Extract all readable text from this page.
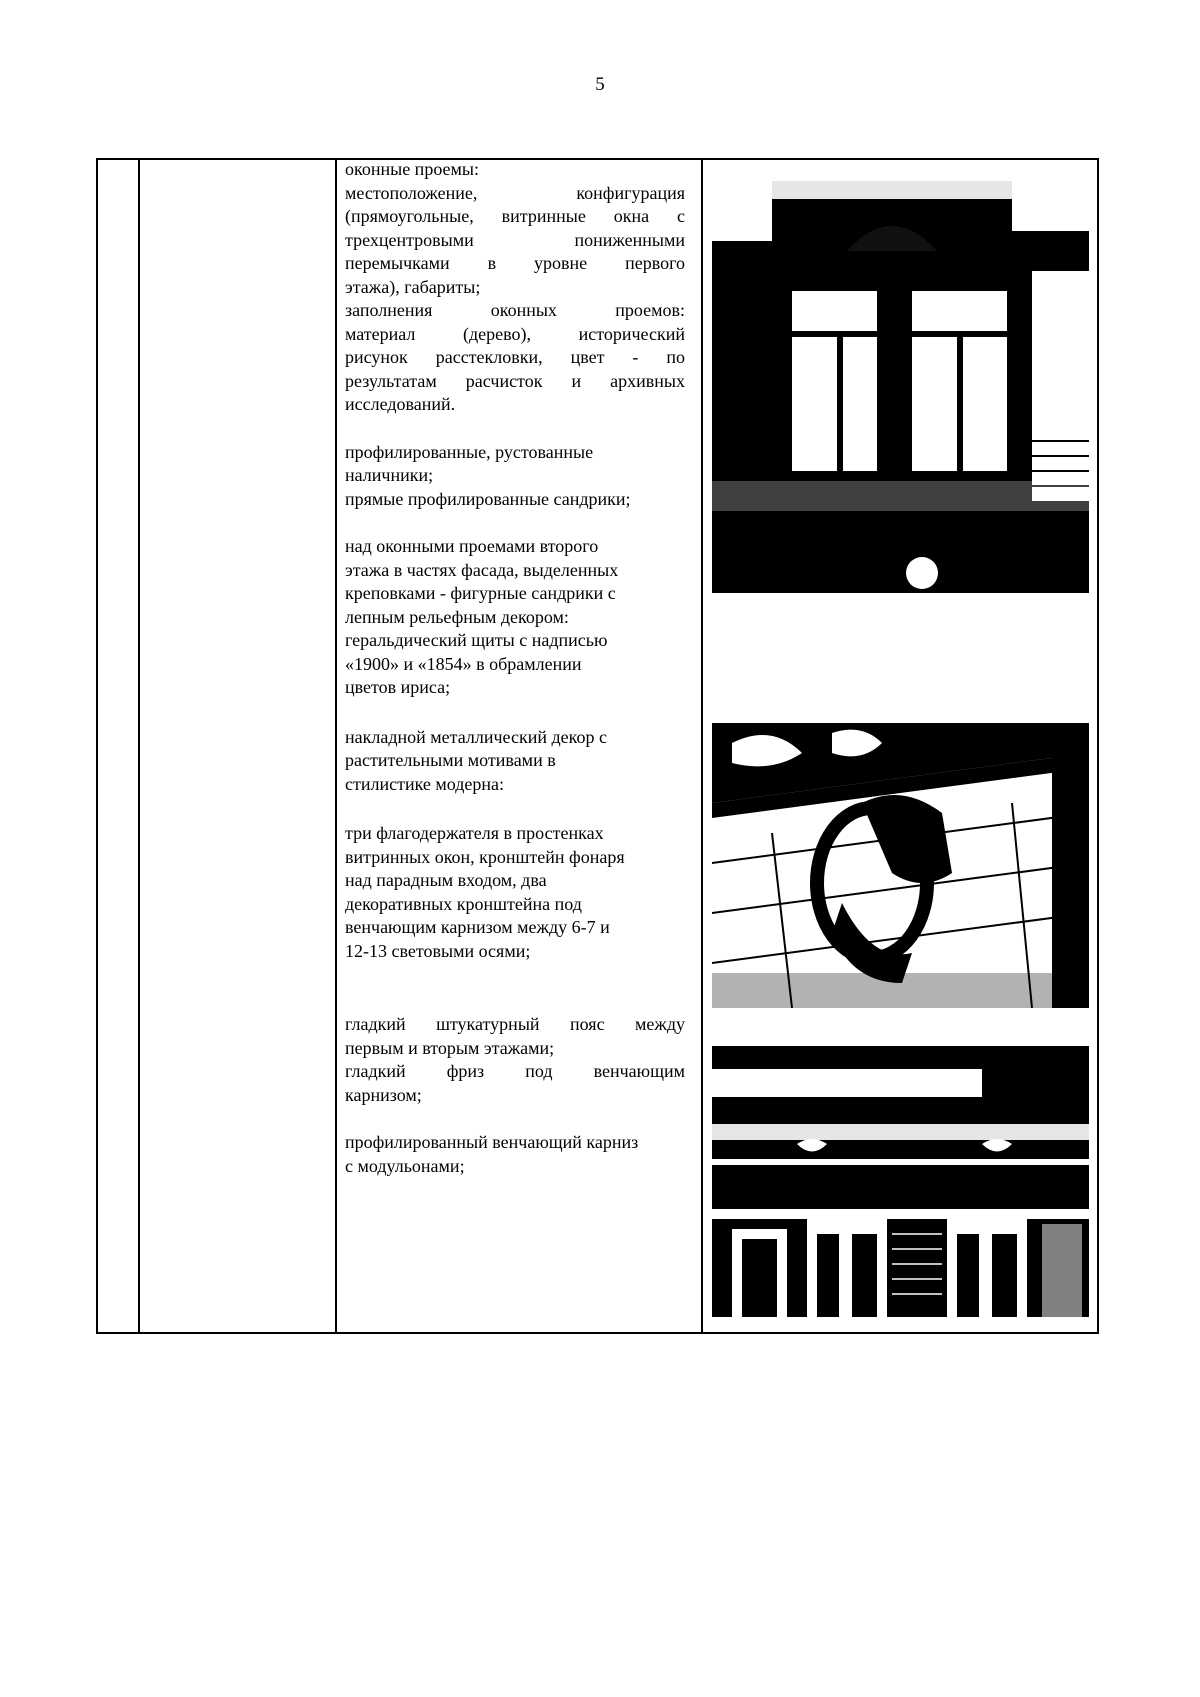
5

оконные проемы:

местоположение, конфигурация

(прямоугольные, витринные окна с

трехцентровыми пониженными

перемычками в уровне первого

этажа), габариты;

заполнения оконных проемов:

материал (дерево), исторический

рисунок расстекловки, цвет - по

результатам расчисток и архивных

исследований.

профилированные, рустованные

наличники;

прямые профилированные сандрики;

над оконными проемами второго

этажа в частях фасада, выделенных

креповками - фигурные сандрики с

лепным рельефным декором:

геральдический щиты с надписью

«1900» и «1854» в обрамлении

цветов ириса;

накладной металлический декор с

растительными мотивами в

стилистике модерна:

три флагодержателя в простенках

витринных окон, кронштейн фонаря

над парадным входом, два

декоративных кронштейна под

венчающим карнизом между 6-7 и

12-13 световыми осями;

гладкий штукатурный пояс между

первым и вторым этажами;

гладкий фриз под венчающим

карнизом;

профилированный венчающий карниз

с модульонами;
